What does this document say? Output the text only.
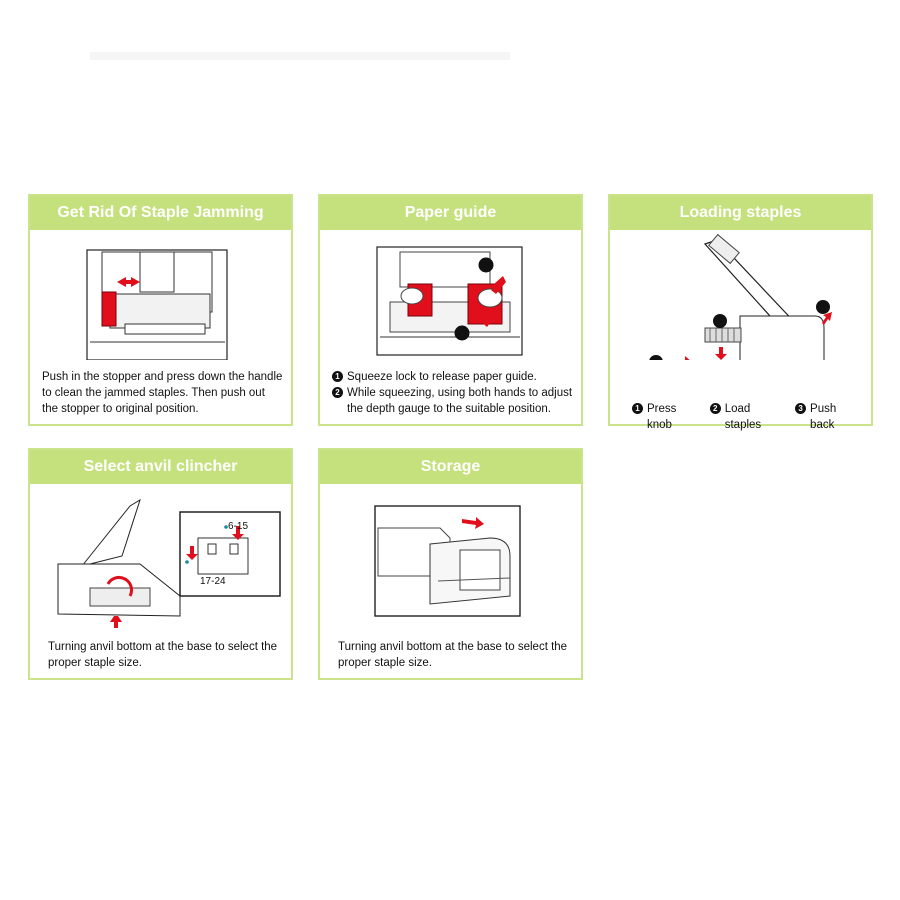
Get Rid Of Staple Jamming
Push in the stopper and press down the handle to clean the jammed staples. Then push out the stopper to original position.
Paper guide
1 Squeeze lock to release paper guide.
2 While squeezing, using both hands to adjust the depth gauge to the suitable position.
Loading staples
1 Press knob
2 Load staples
3 Push back
Select anvil clincher
6-15
17-24
Turning anvil bottom at the base to select the proper staple size.
Storage
Turning anvil bottom at the base to select the proper staple size.
